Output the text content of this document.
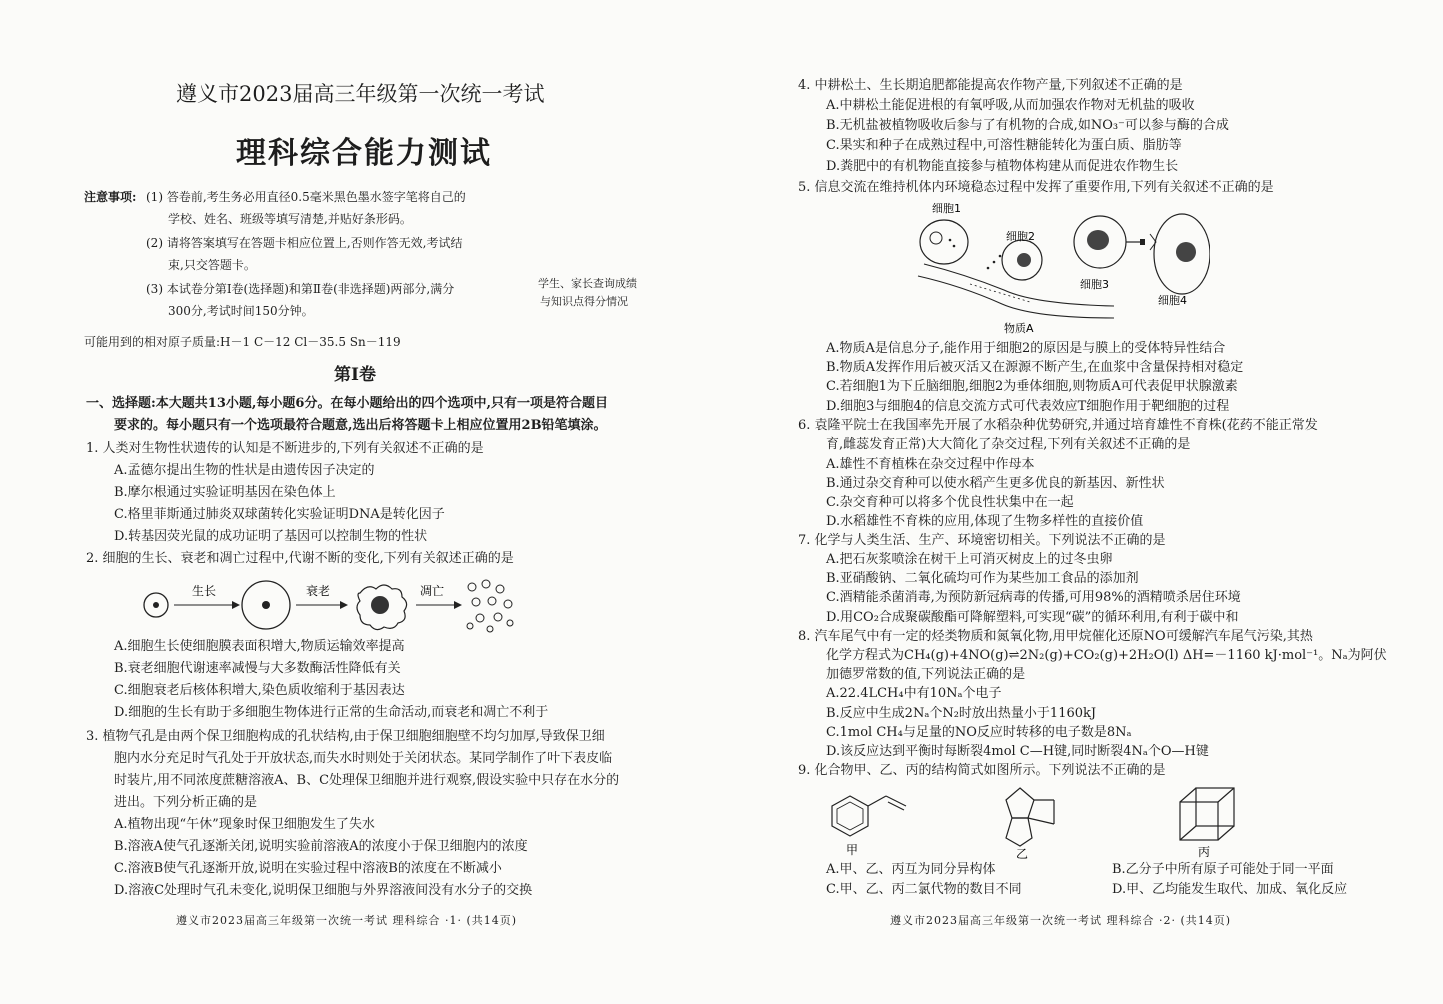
遵义市2023届高三年级第一次统一考试
理科综合能力测试
注意事项: (1) 答卷前,考生务必用直径0.5毫米黑色墨水签字笔将自己的
学校、姓名、班级等填写清楚,并贴好条形码。
(2) 请将答案填写在答题卡相应位置上,否则作答无效,考试结
束,只交答题卡。
(3) 本试卷分第Ⅰ卷(选择题)和第Ⅱ卷(非选择题)两部分,满分
300分,考试时间150分钟。
学生、家长查询成绩
与知识点得分情况
可能用到的相对原子质量:H－1 C－12 Cl－35.5 Sn－119
第Ⅰ卷
一、选择题:本大题共13小题,每小题6分。在每小题给出的四个选项中,只有一项是符合题目
要求的。每小题只有一个选项最符合题意,选出后将答题卡上相应位置用2B铅笔填涂。
1. 人类对生物性状遗传的认知是不断进步的,下列有关叙述不正确的是
A.孟德尔提出生物的性状是由遗传因子决定的
B.摩尔根通过实验证明基因在染色体上
C.格里菲斯通过肺炎双球菌转化实验证明DNA是转化因子
D.转基因荧光鼠的成功证明了基因可以控制生物的性状
2. 细胞的生长、衰老和凋亡过程中,代谢不断的变化,下列有关叙述正确的是
生长	衰老	凋亡
A.细胞生长使细胞膜表面积增大,物质运输效率提高
B.衰老细胞代谢速率减慢与大多数酶活性降低有关
C.细胞衰老后核体积增大,染色质收缩利于基因表达
D.细胞的生长有助于多细胞生物体进行正常的生命活动,而衰老和凋亡不利于
3. 植物气孔是由两个保卫细胞构成的孔状结构,由于保卫细胞细胞壁不均匀加厚,导致保卫细
胞内水分充足时气孔处于开放状态,而失水时则处于关闭状态。某同学制作了叶下表皮临
时装片,用不同浓度蔗糖溶液A、B、C处理保卫细胞并进行观察,假设实验中只存在水分的
进出。下列分析正确的是
A.植物出现“午休”现象时保卫细胞发生了失水
B.溶液A使气孔逐渐关闭,说明实验前溶液A的浓度小于保卫细胞内的浓度
C.溶液B使气孔逐渐开放,说明在实验过程中溶液B的浓度在不断减小
D.溶液C处理时气孔未变化,说明保卫细胞与外界溶液间没有水分子的交换
遵义市2023届高三年级第一次统一考试 理科综合 ·1· (共14页)
4. 中耕松土、生长期追肥都能提高农作物产量,下列叙述不正确的是
A.中耕松土能促进根的有氧呼吸,从而加强农作物对无机盐的吸收
B.无机盐被植物吸收后参与了有机物的合成,如NO₃⁻可以参与酶的合成
C.果实和种子在成熟过程中,可溶性糖能转化为蛋白质、脂肪等
D.粪肥中的有机物能直接参与植物体构建从而促进农作物生长
5. 信息交流在维持机体内环境稳态过程中发挥了重要作用,下列有关叙述不正确的是
细胞1
细胞2
细胞3
细胞4
物质A
A.物质A是信息分子,能作用于细胞2的原因是与膜上的受体特异性结合
B.物质A发挥作用后被灭活又在源源不断产生,在血浆中含量保持相对稳定
C.若细胞1为下丘脑细胞,细胞2为垂体细胞,则物质A可代表促甲状腺激素
D.细胞3与细胞4的信息交流方式可代表效应T细胞作用于靶细胞的过程
6. 袁隆平院士在我国率先开展了水稻杂种优势研究,并通过培育雄性不育株(花药不能正常发
育,雌蕊发育正常)大大简化了杂交过程,下列有关叙述不正确的是
A.雄性不育植株在杂交过程中作母本
B.通过杂交育种可以使水稻产生更多优良的新基因、新性状
C.杂交育种可以将多个优良性状集中在一起
D.水稻雄性不育株的应用,体现了生物多样性的直接价值
7. 化学与人类生活、生产、环境密切相关。下列说法不正确的是
A.把石灰浆喷涂在树干上可消灭树皮上的过冬虫卵
B.亚硝酸钠、二氧化硫均可作为某些加工食品的添加剂
C.酒精能杀菌消毒,为预防新冠病毒的传播,可用98%的酒精喷杀居住环境
D.用CO₂合成聚碳酸酯可降解塑料,可实现“碳”的循环利用,有利于碳中和
8. 汽车尾气中有一定的烃类物质和氮氧化物,用甲烷催化还原NO可缓解汽车尾气污染,其热
化学方程式为CH₄(g)+4NO(g)⇌2N₂(g)+CO₂(g)+2H₂O(l) ΔH=－1160 kJ·mol⁻¹。Nₐ为阿伏
加德罗常数的值,下列说法正确的是
A.22.4LCH₄中有10Nₐ个电子
B.反应中生成2Nₐ个N₂时放出热量小于1160kJ
C.1mol CH₄与足量的NO反应时转移的电子数是8Nₐ
D.该反应达到平衡时每断裂4mol C—H键,同时断裂4Nₐ个O—H键
9. 化合物甲、乙、丙的结构简式如图所示。下列说法不正确的是
甲	乙	丙
A.甲、乙、丙互为同分异构体	B.乙分子中所有原子可能处于同一平面
C.甲、乙、丙二氯代物的数目不同	D.甲、乙均能发生取代、加成、氧化反应
遵义市2023届高三年级第一次统一考试 理科综合 ·2· (共14页)
